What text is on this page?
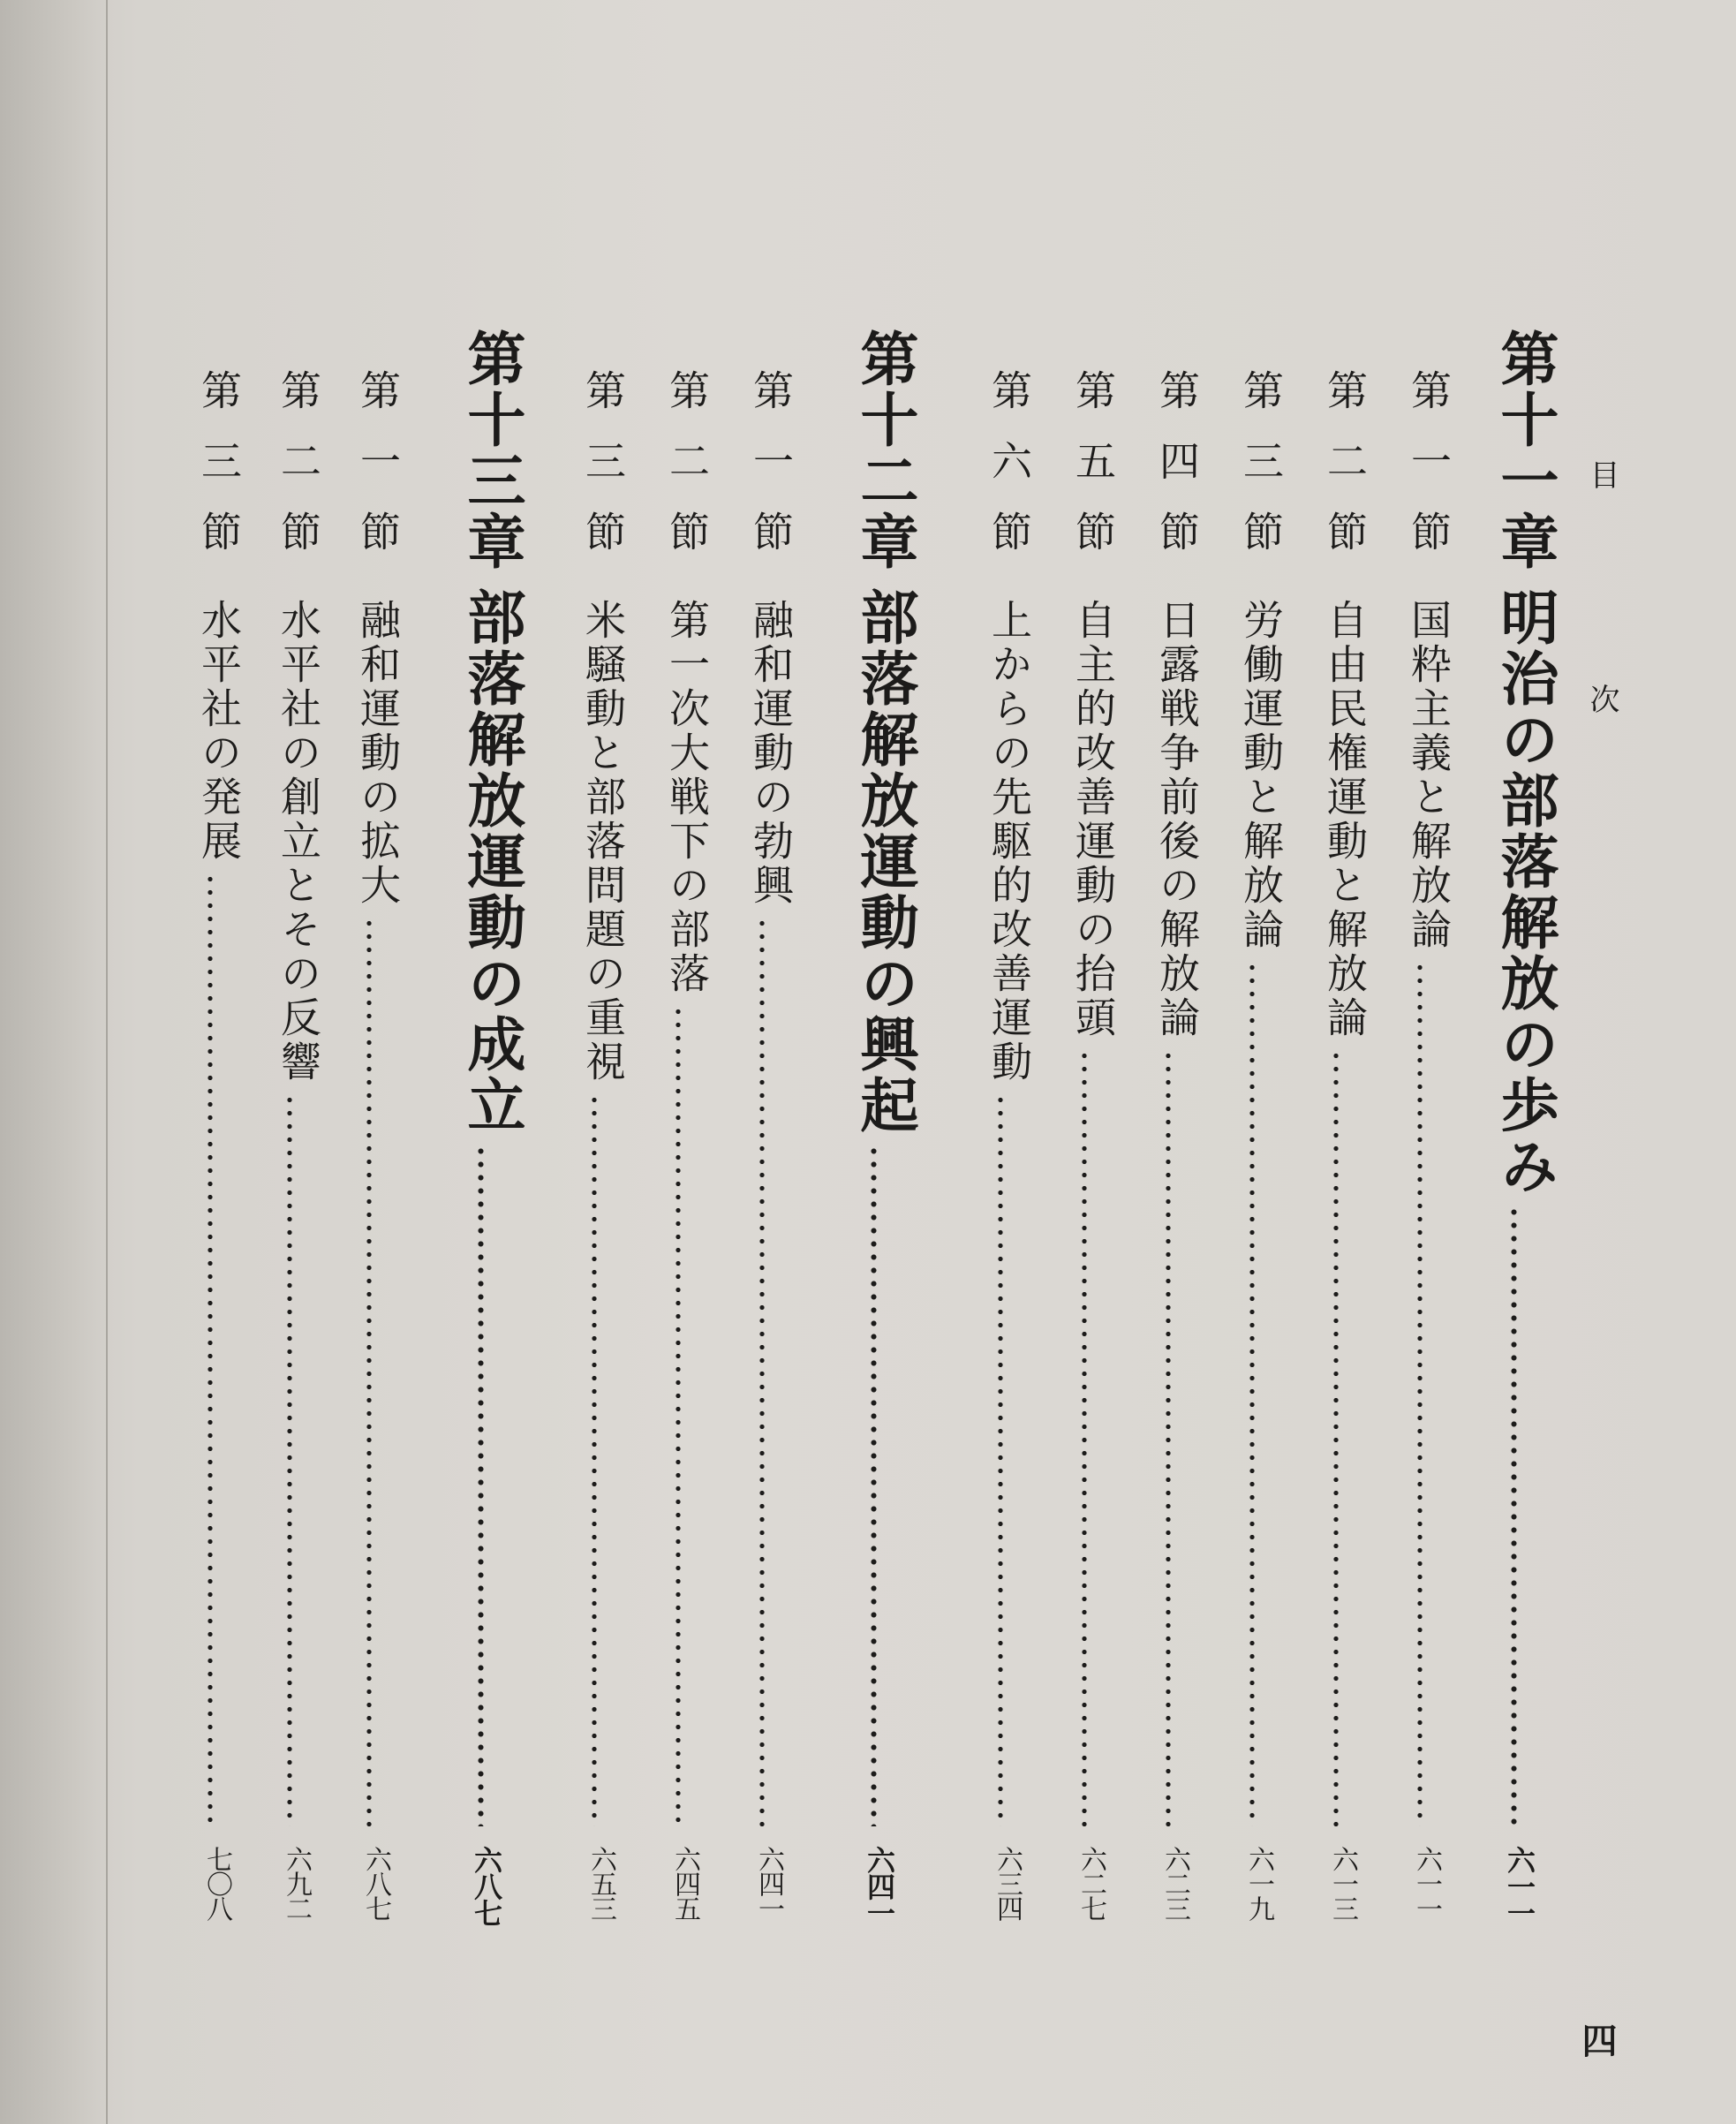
目次
第十一章
明治の部落解放の歩み
六一一
第一節
国粋主義と解放論
六一一
第二節
自由民権運動と解放論
六一三
第三節
労働運動と解放論
六一九
第四節
日露戦争前後の解放論
六二三
第五節
自主的改善運動の抬頭
六二七
第六節
上からの先駆的改善運動
六三四
第十二章
部落解放運動の興起
六四一
第一節
融和運動の勃興
六四一
第二節
第一次大戦下の部落
六四五
第三節
米騒動と部落問題の重視
六五三
第十三章
部落解放運動の成立
六八七
第一節
融和運動の拡大
六八七
第二節
水平社の創立とその反響
六九二
第三節
水平社の発展
七〇八
四
